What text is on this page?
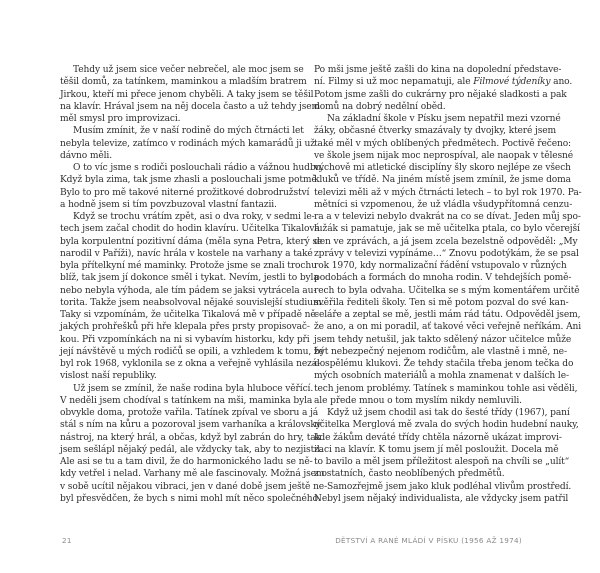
Tehdy už jsem sice večer nebrečel, ale moc jsem se
těšil domů, za tatínkem, maminkou a mladším bratrem
Jirkou, kteří mi přece jenom chyběli. A taky jsem se těšil
na klavír. Hrával jsem na něj docela často a už tehdy jsem
měl smysl pro improvizaci.
Musím zmínit, že v naší rodině do mých čtrnácti let
nebyla televize, zatímco v rodinách mých kamarádů ji už
dávno měli.
O to víc jsme s rodiči poslouchali rádio a vážnou hudbu.
Když byla zima, tak jsme zhasli a poslouchali jsme potmě.
Bylo to pro mě takové niterné prožitkové dobrodružství
a hodně jsem si tím povzbuzoval vlastní fantazii.
Když se trochu vrátím zpět, asi o dva roky, v sedmi le-
tech jsem začal chodit do hodin klavíru. Učitelka Tikalová
byla korpulentní pozitivní dáma (měla syna Petra, který se
narodil v Paříži), navíc hrála v kostele na varhany a také
byla přítelkyní mé maminky. Protože jsme se znali trochu
blíž, tak jsem jí dokonce směl i tykat. Nevím, jestli to byla
nebo nebyla výhoda, ale tím pádem se jaksi vytrácela au-
torita. Takže jsem neabsolvoval nějaké souvislejší studium.
Taky si vzpomínám, že učitelka Tikalová mě v případě ně-
jakých prohřešků při hře klepala přes prsty propisovač-
kou. Při vzpomínkách na ni si vybavím historku, kdy při
její návštěvě u mých rodičů se opili, a vzhledem k tomu, že
byl rok 1968, vyklonila se z okna a veřejně vyhlásila nezá-
vislost naší republiky.
Už jsem se zmínil, že naše rodina byla hluboce věřící.
V neděli jsem chodíval s tatínkem na mši, maminka byla
obvykle doma, protože vařila. Tatínek zpíval ve sboru a já
stál s ním na kůru a pozoroval jsem varhaníka a královský
nástroj, na který hrál, a občas, když byl zabrán do hry, tak
jsem sešlápl nějaký pedál, ale vždycky tak, aby to nezjistil.
Ale asi se tu a tam divil, že do harmonického ladu se ně-
kdy vetřel i nelad. Varhany mě ale fascinovaly. Možná jsem
v sobě ucítil nějakou vibraci, jen v dané době jsem ještě ne-
byl přesvědčen, že bych s nimi mohl mít něco společného.
Po mši jsme ještě zašli do kina na dopolední představe-
ní. Filmy si už moc nepamatuji, ale Filmové týdeníky ano.
Potom jsme zašli do cukrárny pro nějaké sladkosti a pak
domů na dobrý nedělní oběd.
Na základní škole v Písku jsem nepatřil mezi vzorné
žáky, občasné čtverky smazávaly ty dvojky, které jsem
také měl v mých oblíbených předmětech. Poctivě řečeno:
ve škole jsem nijak moc neprospíval, ale naopak v tělesné
výchově mi atletické disciplíny šly skoro nejlépe ze všech
kluků ve třídě. Na jiném místě jsem zmínil, že jsme doma
televizi měli až v mých čtrnácti letech – to byl rok 1970. Pa-
mětníci si vzpomenou, že už vládla všudypřítomná cenzu-
ra a v televizi nebylo dvakrát na co se dívat. Jeden můj spo-
lužák si pamatuje, jak se mě učitelka ptala, co bylo včerejší
den ve zprávách, a já jsem zcela bezelstně odpověděl: „My
zprávy v televizi vypínáme…“ Znovu podotýkám, že se psal
rok 1970, kdy normalizační řádění vstupovalo v různých
podobách a formách do mnoha rodin. V tehdejších pomě-
rech to byla odvaha. Učitelka se s mým komentářem určitě
svěřila řediteli školy. Ten si mě potom pozval do své kan-
celáře a zeptal se mě, jestli mám rád tátu. Odpověděl jsem,
že ano, a on mi poradil, ať takové věci veřejně neříkám. Ani
jsem tehdy netušil, jak takto sdělený názor učitelce může
být nebezpečný nejenom rodičům, ale vlastně i mně, ne-
dospělému klukovi. Že tehdy stačila třeba jenom tečka do
mých osobních materiálů a mohla znamenat v dalších le-
tech jenom problémy. Tatínek s maminkou tohle asi věděli,
ale přede mnou o tom myslím nikdy nemluvili.
Když už jsem chodil asi tak do šesté třídy (1967), paní
učitelka Merglová mě zvala do svých hodin hudební nauky,
kde žákům deváté třídy chtěla názorně ukázat improvi-
zaci na klavír. K tomu jsem jí měl posloužit. Docela mě
to bavilo a měl jsem příležitost alespoň na chvíli se „ulít“
z ostatních, často neoblíbených předmětů.
Samozřejmě jsem jako kluk podléhal vlivům prostředí.
Nebyl jsem nějaký individualista, ale vždycky jsem patřil
21	DĚTSTVÍ A RANÉ MLÁDÍ V PÍSKU (1956 AŽ 1974)
